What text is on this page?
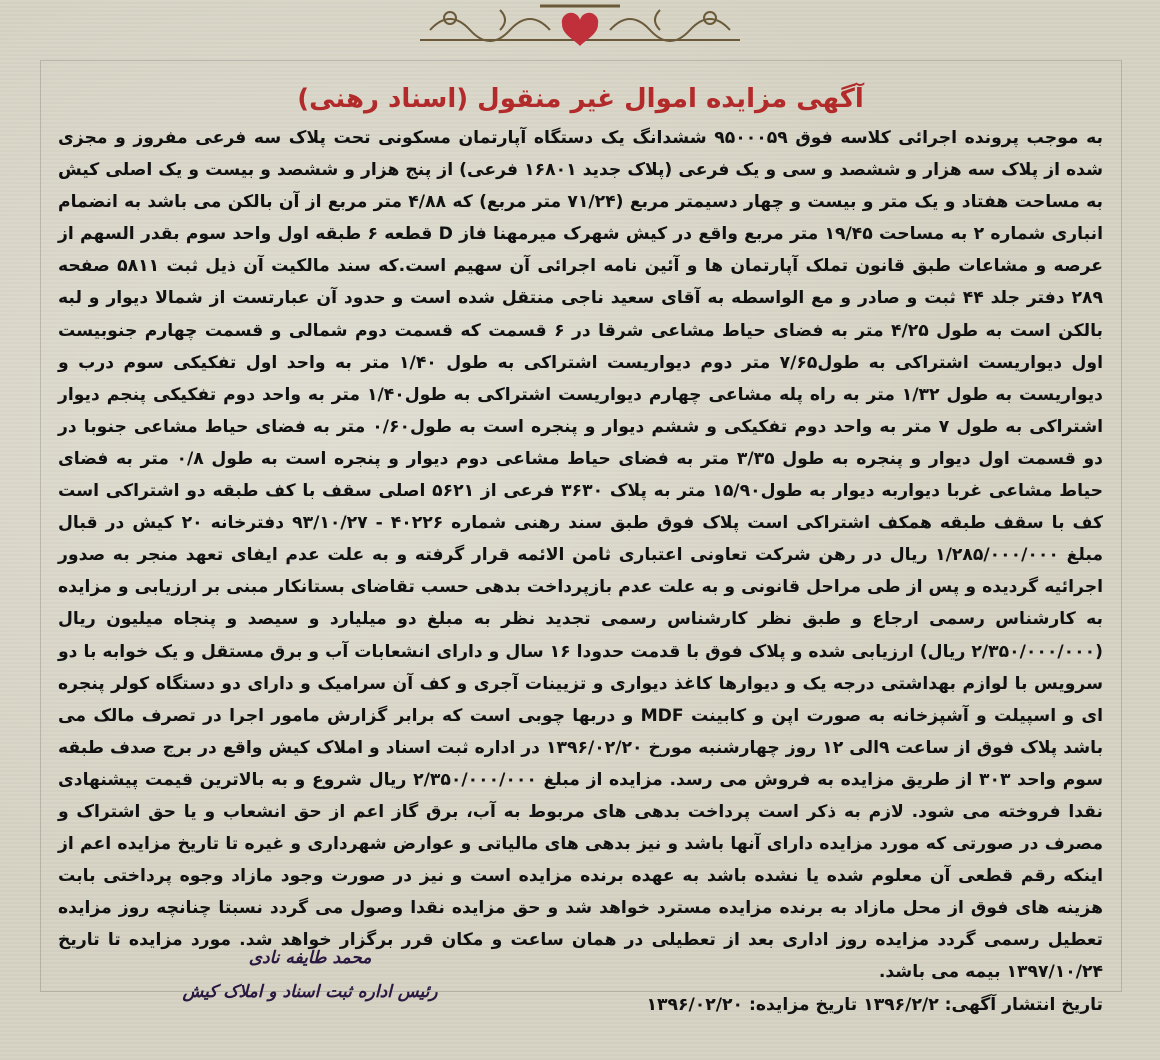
آگهی مزایده اموال غیر منقول (اسناد رهنی)

به موجب پرونده اجرائی کلاسه فوق ۹۵۰۰۰۵۹ ششدانگ یک دستگاه آپارتمان مسکونی تحت پلاک سه فرعی مفروز و مجزی شده از پلاک سه هزار و ششصد و سی و یک فرعی (پلاک جدید ۱۶۸۰۱ فرعی) از پنج هزار و ششصد و بیست و یک اصلی کیش به مساحت هفتاد و یک متر و بیست و چهار دسیمتر مربع (۷۱/۲۴ متر مربع) که ۴/۸۸ متر مربع از آن بالکن می باشد به انضمام انباری شماره ۲ به مساحت ۱۹/۴۵ متر مربع واقع در کیش شهرک میرمهنا فاز D قطعه ۶ طبقه اول واحد سوم بقدر السهم از عرصه و مشاعات طبق قانون تملک آپارتمان ها و آئین نامه اجرائی آن سهیم است.که سند مالکیت آن ذیل ثبت ۵۸۱۱ صفحه ۲۸۹ دفتر جلد ۴۴ ثبت و صادر و مع الواسطه به آقای سعید ناجی منتقل شده است و حدود آن عبارتست از شمالا دیوار و لبه بالکن است به طول ۴/۲۵ متر به فضای حیاط مشاعی شرقا در ۶ قسمت که قسمت دوم شمالی و قسمت چهارم جنوبیست اول دیواریست اشتراکی به طول۷/۶۵ متر دوم دیواریست اشتراکی به طول ۱/۴۰ متر به واحد اول تفکیکی سوم درب و دیواریست به طول ۱/۳۲ متر به راه پله مشاعی چهارم دیواریست اشتراکی به طول۱/۴۰ متر به واحد دوم تفکیکی پنجم دیوار اشتراکی به طول ۷ متر به واحد دوم تفکیکی و ششم دیوار و پنجره است به طول۰/۶۰ متر به فضای حیاط مشاعی جنوبا در دو قسمت اول دیوار و پنجره به طول ۳/۳۵ متر به فضای حیاط مشاعی دوم دیوار و پنجره است به طول ۰/۸ متر به فضای حیاط مشاعی غربا دیواربه دیوار به طول۱۵/۹۰ متر به پلاک ۳۶۳۰ فرعی از ۵۶۲۱ اصلی سقف با کف طبقه دو اشتراکی است کف با سقف طبقه همکف اشتراکی است پلاک فوق طبق سند رهنی شماره ۴۰۲۲۶ - ۹۳/۱۰/۲۷ دفترخانه ۲۰ کیش در قبال مبلغ ۱/۲۸۵/۰۰۰/۰۰۰ ریال در رهن شرکت تعاونی اعتباری ثامن الائمه قرار گرفته و به علت عدم ایفای تعهد منجر به صدور اجرائیه گردیده و پس از طی مراحل قانونی و به علت عدم بازپرداخت بدهی حسب تقاضای بستانکار مبنی بر ارزیابی و مزایده به کارشناس رسمی ارجاع و طبق نظر کارشناس رسمی تجدید نظر به مبلغ دو میلیارد و سیصد و پنجاه میلیون ریال (۲/۳۵۰/۰۰۰/۰۰۰ ریال) ارزیابی شده و پلاک فوق با قدمت حدودا ۱۶ سال و دارای انشعابات آب و برق مستقل و یک خوابه با دو سرویس با لوازم بهداشتی درجه یک و دیوارها کاغذ دیواری و تزیینات آجری و کف آن سرامیک و دارای دو دستگاه کولر پنجره ای و اسپیلت و آشپزخانه به صورت اپن و کابینت MDF و دربها چوبی است که برابر گزارش مامور اجرا در تصرف مالک می باشد پلاک فوق از ساعت ۹الی ۱۲ روز چهارشنبه مورخ ۱۳۹۶/۰۲/۲۰ در اداره ثبت اسناد و املاک کیش واقع در برج صدف طبقه سوم واحد ۳۰۳ از طریق مزایده به فروش می رسد. مزایده از مبلغ ۲/۳۵۰/۰۰۰/۰۰۰ ریال شروع و به بالاترین قیمت پیشنهادی نقدا فروخته می شود. لازم به ذکر است پرداخت بدهی های مربوط به آب، برق گاز اعم از حق انشعاب و یا حق اشتراک و مصرف در صورتی که مورد مزایده دارای آنها باشد و نیز بدهی های مالیاتی و عوارض شهرداری و غیره تا تاریخ مزایده اعم از اینکه رقم قطعی آن معلوم شده یا نشده باشد به عهده برنده مزایده است و نیز در صورت وجود مازاد وجوه پرداختی بابت هزینه های فوق از محل مازاد به برنده مزایده مسترد خواهد شد و حق مزایده نقدا وصول می گردد نسبتا چنانچه روز مزایده تعطیل رسمی گردد مزایده روز اداری بعد از تعطیلی در همان ساعت و مکان قرر برگزار خواهد شد. مورد مزایده تا تاریخ ۱۳۹۷/۱۰/۲۴ بیمه می باشد.

تاریخ انتشار آگهی: ۱۳۹۶/۲/۲ تاریخ مزایده: ۱۳۹۶/۰۲/۲۰

محمد طایفه نادی
رئیس اداره ثبت اسناد و املاک کیش
